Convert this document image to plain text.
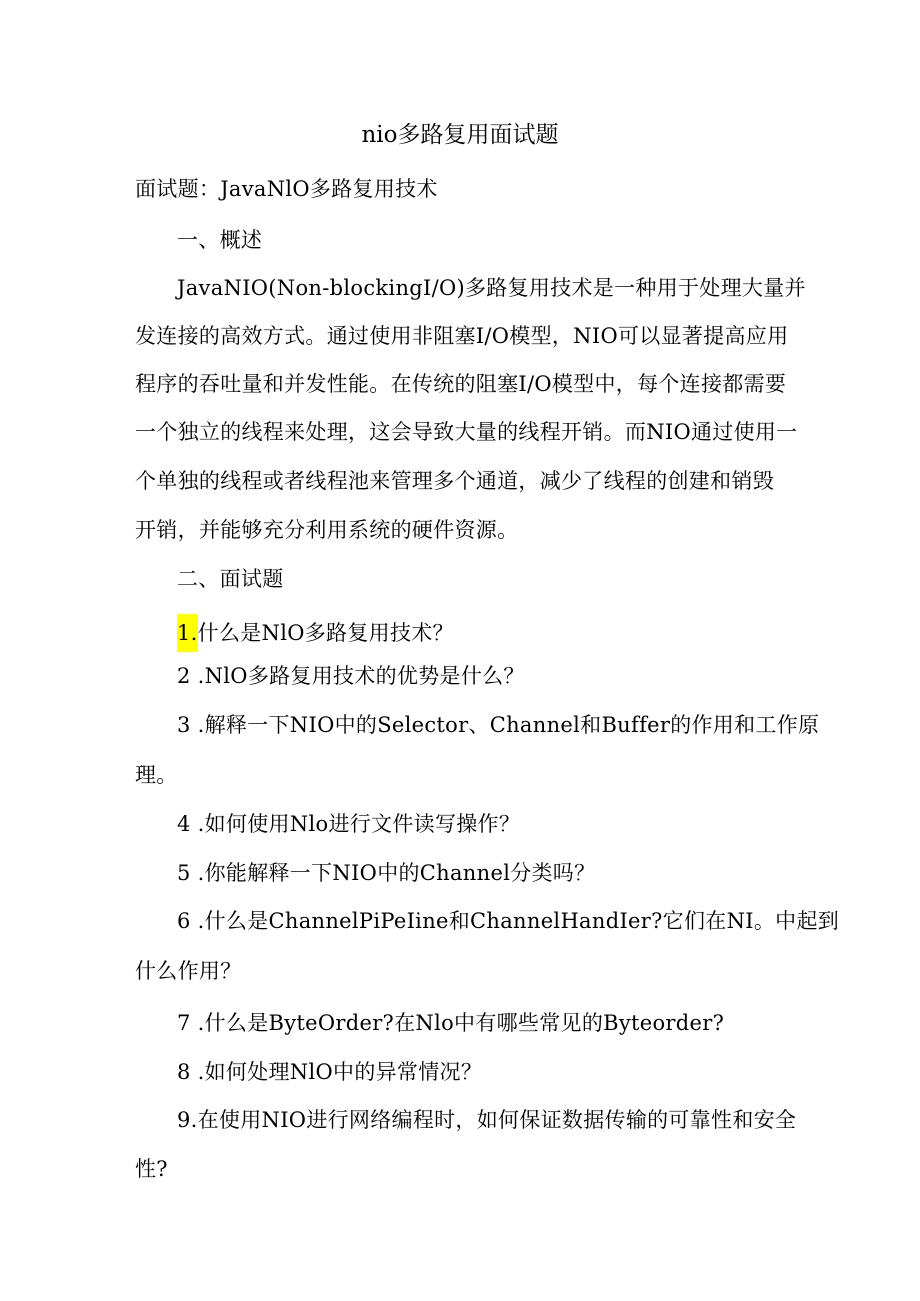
nio多路复用面试题
面试题：JavaNlO多路复用技术
一、概述
JavaNIO(Non-blockingI/O)多路复用技术是一种用于处理大量并
发连接的高效方式。通过使用非阻塞I/O模型，NIO可以显著提高应用
程序的吞吐量和并发性能。在传统的阻塞I/O模型中，每个连接都需要
一个独立的线程来处理，这会导致大量的线程开销。而NIO通过使用一
个单独的线程或者线程池来管理多个通道，减少了线程的创建和销毁
开销，并能够充分利用系统的硬件资源。
二、面试题
1.什么是NlO多路复用技术？
2 .NlO多路复用技术的优势是什么？
3 .解释一下NIO中的Selector、Channel和Buffer的作用和工作原
理。
4 .如何使用Nlo进行文件读写操作？
5 .你能解释一下NIO中的Channel分类吗？
6 .什么是ChannelPiPeIine和ChannelHandIer?它们在NI。中起到
什么作用？
7 .什么是ByteOrder?在Nlo中有哪些常见的Byteorder?
8 .如何处理NlO中的异常情况？
9.在使用NIO进行网络编程时，如何保证数据传输的可靠性和安全
性?
